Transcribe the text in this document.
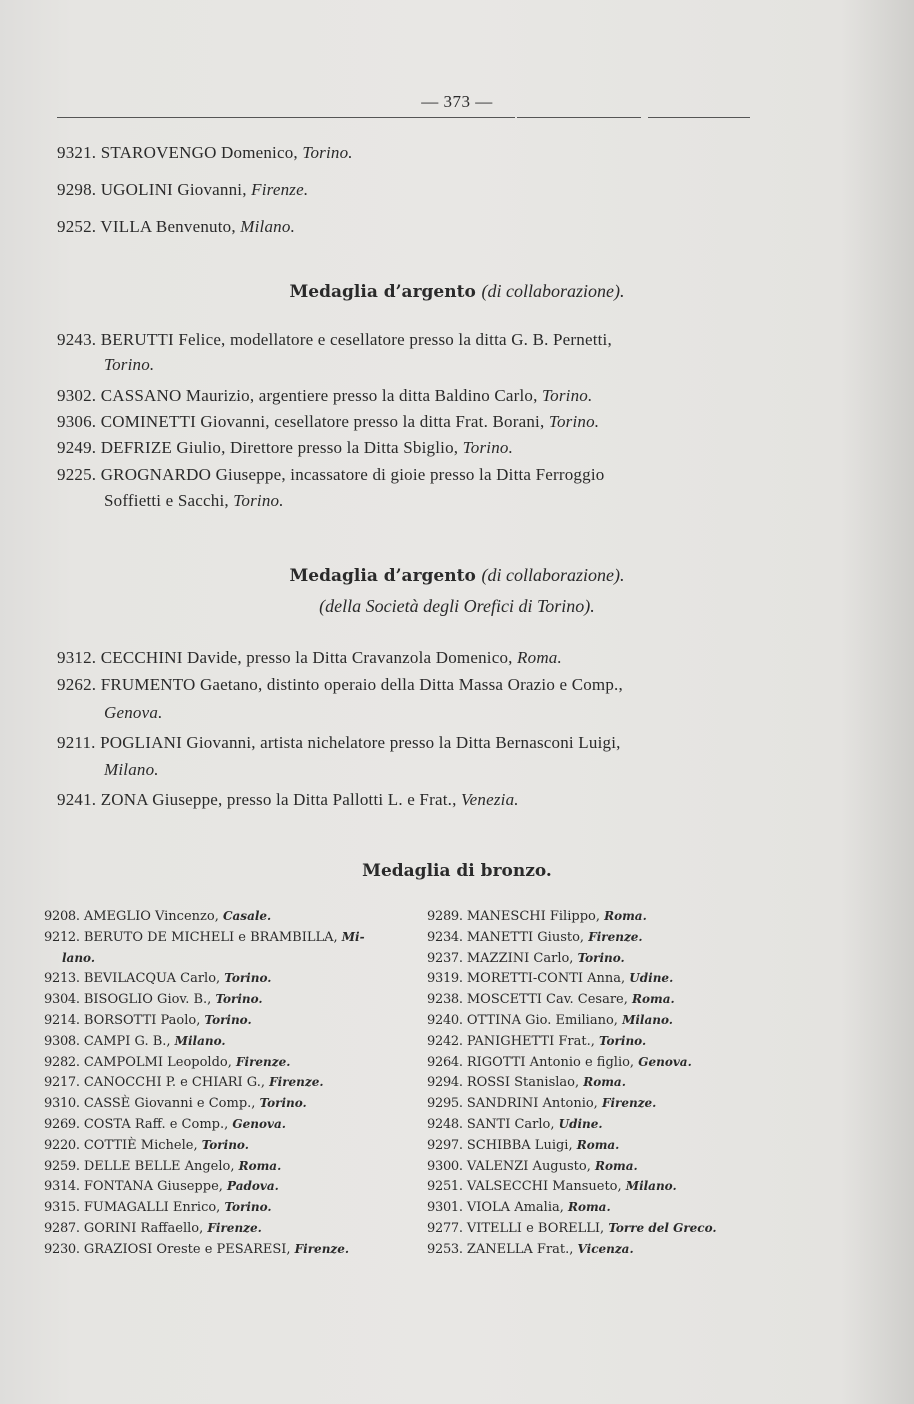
— 373 —
9321. STAROVENGO Domenico, Torino.
9298. UGOLINI Giovanni, Firenze.
9252. VILLA Benvenuto, Milano.
Medaglia d’argento (di collaborazione).
9243. BERUTTI Felice, modellatore e cesellatore presso la ditta G. B. Pernetti,
Torino.
9302. CASSANO Maurizio, argentiere presso la ditta Baldino Carlo, Torino.
9306. COMINETTI Giovanni, cesellatore presso la ditta Frat. Borani, Torino.
9249. DEFRIZE Giulio, Direttore presso la Ditta Sbiglio, Torino.
9225. GROGNARDO Giuseppe, incassatore di gioie presso la Ditta Ferroggio
Soffietti e Sacchi, Torino.
Medaglia d’argento (di collaborazione).
(della Società degli Orefici di Torino).
9312. CECCHINI Davide, presso la Ditta Cravanzola Domenico, Roma.
9262. FRUMENTO Gaetano, distinto operaio della Ditta Massa Orazio e Comp.,
Genova.
9211. POGLIANI Giovanni, artista nichelatore presso la Ditta Bernasconi Luigi,
Milano.
9241. ZONA Giuseppe, presso la Ditta Pallotti L. e Frat., Venezia.
Medaglia di bronzo.
9208. AMEGLIO Vincenzo, Casale.
9212. BERUTO DE MICHELI e BRAMBILLA, Mi-
lano.
9213. BEVILACQUA Carlo, Torino.
9304. BISOGLIO Giov. B., Torino.
9214. BORSOTTI Paolo, Torino.
9308. CAMPI G. B., Milano.
9282. CAMPOLMI Leopoldo, Firenze.
9217. CANOCCHI P. e CHIARI G., Firenze.
9310. CASSÈ Giovanni e Comp., Torino.
9269. COSTA Raff. e Comp., Genova.
9220. COTTIÈ Michele, Torino.
9259. DELLE BELLE Angelo, Roma.
9314. FONTANA Giuseppe, Padova.
9315. FUMAGALLI Enrico, Torino.
9287. GORINI Raffaello, Firenze.
9230. GRAZIOSI Oreste e PESARESI, Firenze.
9289. MANESCHI Filippo, Roma.
9234. MANETTI Giusto, Firenze.
9237. MAZZINI Carlo, Torino.
9319. MORETTI-CONTI Anna, Udine.
9238. MOSCETTI Cav. Cesare, Roma.
9240. OTTINA Gio. Emiliano, Milano.
9242. PANIGHETTI Frat., Torino.
9264. RIGOTTI Antonio e figlio, Genova.
9294. ROSSI Stanislao, Roma.
9295. SANDRINI Antonio, Firenze.
9248. SANTI Carlo, Udine.
9297. SCHIBBA Luigi, Roma.
9300. VALENZI Augusto, Roma.
9251. VALSECCHI Mansueto, Milano.
9301. VIOLA Amalia, Roma.
9277. VITELLI e BORELLI, Torre del Greco.
9253. ZANELLA Frat., Vicenza.
